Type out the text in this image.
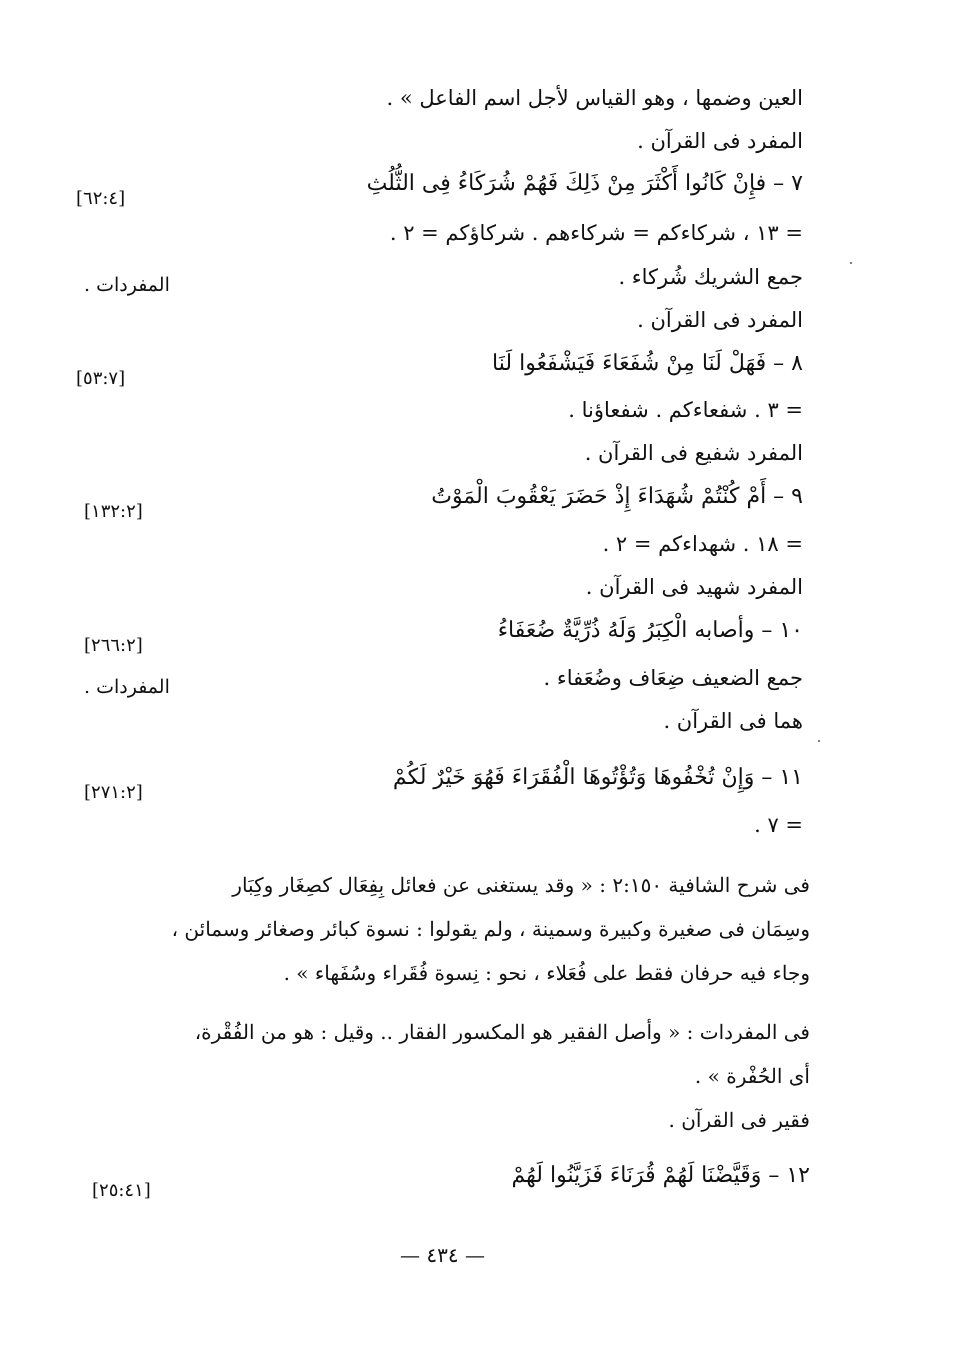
العين وضمها ، وهو القياس لأجل اسم الفاعل » .
المفرد فى القرآن .
٧ – فإِنْ كَانُوا أَكْثَرَ مِنْ ذَلِكَ فَهُمْ شُرَكَاءُ فِى الثُّلُثِ
= ١٣ ، شركاءكم = شركاءهم . شركاؤكم = ٢ .
جمع الشريك شُركاء .
المفرد فى القرآن .
٨ – فَهَلْ لَنَا مِنْ شُفَعَاءَ فَيَشْفَعُوا لَنَا
= ٣ . شفعاءكم . شفعاؤنا .
المفرد شفيع فى القرآن .
٩ – أَمْ كُنْتُمْ شُهَدَاءَ إِذْ حَضَرَ يَعْقُوبَ الْمَوْتُ
= ١٨ . شهداءكم = ٢ .
المفرد شهيد فى القرآن .
١٠ – وأصابه الْكِبَرُ وَلَهُ ذُرِّيَّةٌ ضُعَفَاءُ
جمع الضعيف ضِعَاف وضُعَفاء .
هما فى القرآن .
١١ – وَإِنْ تُخْفُوهَا وَتُؤْتُوهَا الْفُقَرَاءَ فَهُوَ خَيْرٌ لَكُمْ
= ٧ .
[٦٢:٤]
[٥٣:٧]
[١٣٢:٢]
[٢٦٦:٢]
[٢٧١:٢]
[٢٥:٤١]
المفردات .
المفردات .
فى شرح الشافية ٢:١٥٠ : « وقد يستغنى عن فعائل بِفِعَال كصِغَار وكِبَار
وسِمَان فى صغيرة وكبيرة وسمينة ، ولم يقولوا : نسوة كبائر وصغائر وسمائن ،
وجاء فيه حرفان فقط على فُعَلاء ، نحو : نِسوة فُقَراء وسُفَهاء » .
فى المفردات : « وأصل الفقير هو المكسور الفقار .. وقيل : هو من الفُقْرة،
أى الحُفْرة » .
فقير فى القرآن .
١٢ – وَقَيَّضْنَا لَهُمْ قُرَنَاءَ فَزَيَّنُوا لَهُمْ
— ٤٣٤ —
